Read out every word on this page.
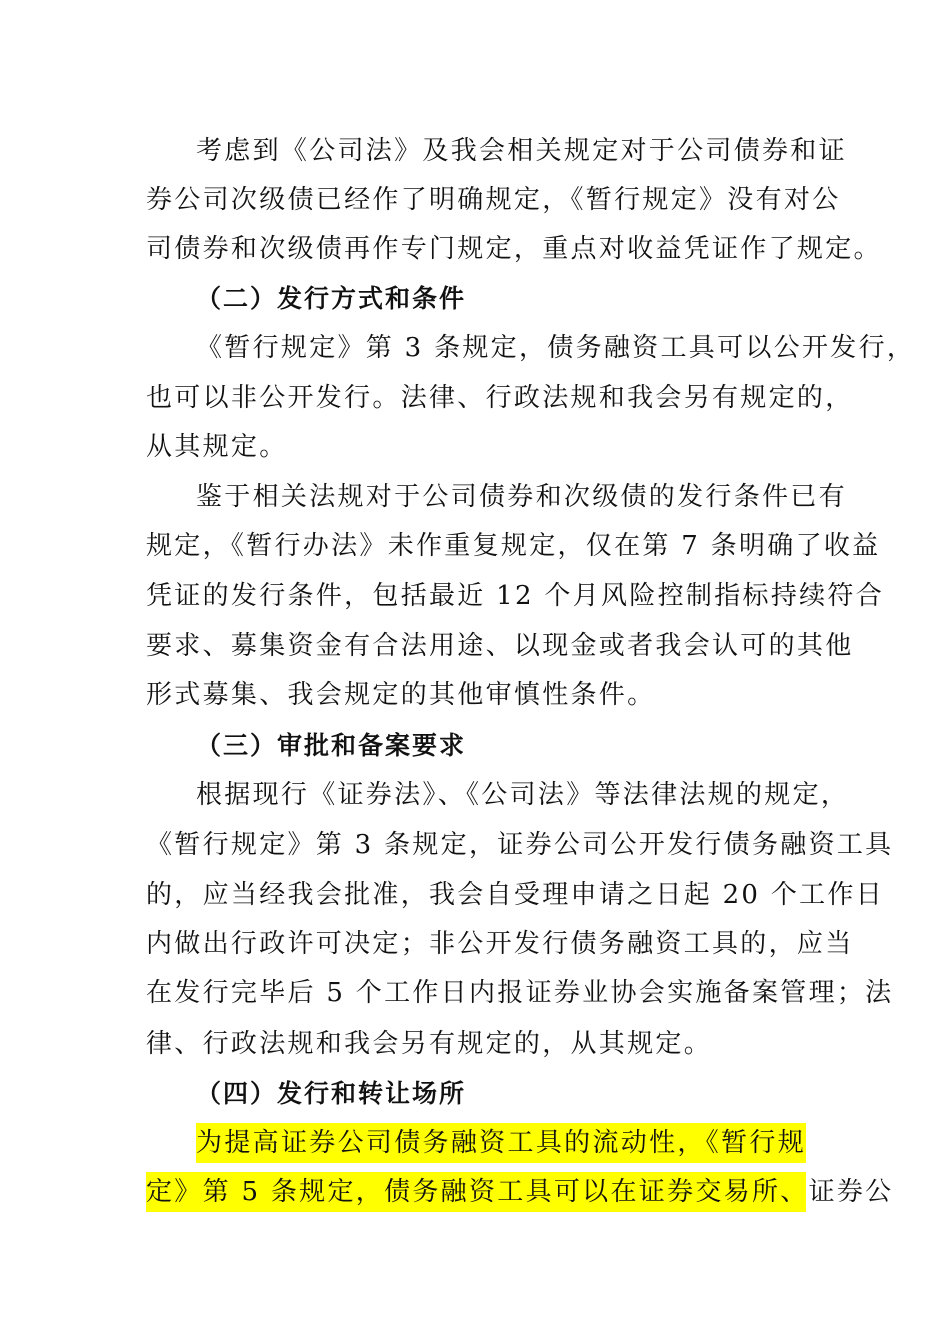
考虑到《公司法》及我会相关规定对于公司债券和证
券公司次级债已经作了明确规定，《暂行规定》没有对公
司债券和次级债再作专门规定，重点对收益凭证作了规定。
（二）发行方式和条件
《暂行规定》第 3 条规定，债务融资工具可以公开发行，
也可以非公开发行。法律、行政法规和我会另有规定的，
从其规定。
鉴于相关法规对于公司债券和次级债的发行条件已有
规定，《暂行办法》未作重复规定，仅在第 7 条明确了收益
凭证的发行条件，包括最近 12 个月风险控制指标持续符合
要求、募集资金有合法用途、以现金或者我会认可的其他
形式募集、我会规定的其他审慎性条件。
（三）审批和备案要求
根据现行《证券法》、《公司法》等法律法规的规定，
《暂行规定》第 3 条规定，证券公司公开发行债务融资工具
的，应当经我会批准，我会自受理申请之日起 20 个工作日
内做出行政许可决定；非公开发行债务融资工具的，应当
在发行完毕后 5 个工作日内报证券业协会实施备案管理；法
律、行政法规和我会另有规定的，从其规定。
（四）发行和转让场所
为提高证券公司债务融资工具的流动性，《暂行规
定》第 5 条规定，债务融资工具可以在证券交易所、证券公
